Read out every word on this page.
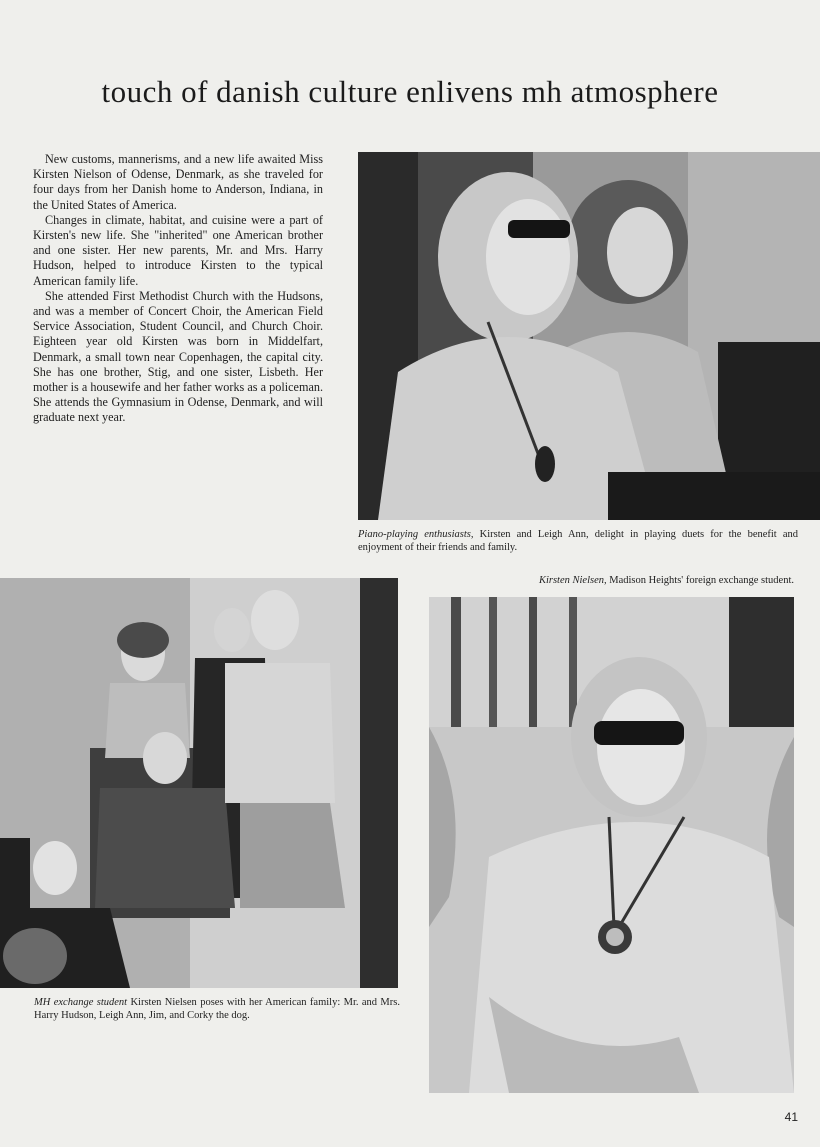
touch of danish culture enlivens mh atmosphere

New customs, mannerisms, and a new life awaited Miss Kirsten Nielson of Odense, Denmark, as she traveled for four days from her Danish home to Anderson, Indiana, in the United States of America.

Changes in climate, habitat, and cuisine were a part of Kirsten's new life. She "inherited" one American brother and one sister. Her new parents, Mr. and Mrs. Harry Hudson, helped to introduce Kirsten to the typical American family life.

She attended First Methodist Church with the Hudsons, and was a member of Concert Choir, the American Field Service Association, Student Council, and Church Choir. Eighteen year old Kirsten was born in Middelfart, Denmark, a small town near Copenhagen, the capital city. She has one brother, Stig, and one sister, Lisbeth. Her mother is a housewife and her father works as a policeman. She attends the Gymnasium in Odense, Denmark, and will graduate next year.

Piano-playing enthusiasts, Kirsten and Leigh Ann, delight in playing duets for the benefit and enjoyment of their friends and family.
Kirsten Nielsen, Madison Heights' foreign exchange student.
MH exchange student Kirsten Nielsen poses with her American family: Mr. and Mrs. Harry Hudson, Leigh Ann, Jim, and Corky the dog.
41
